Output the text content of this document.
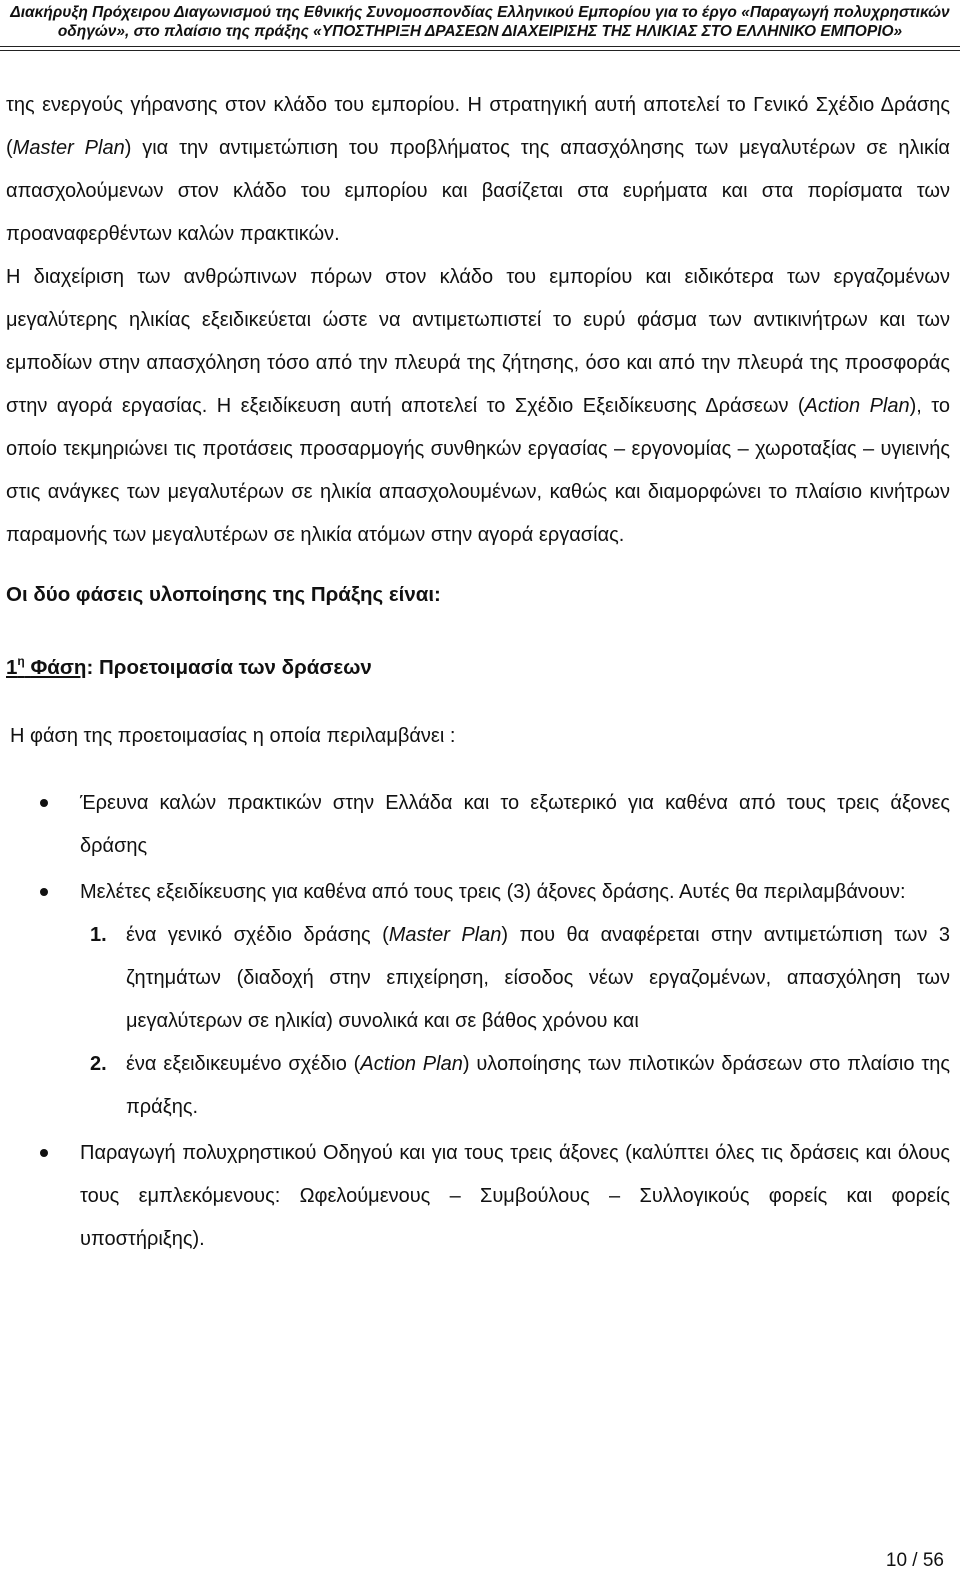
Διακήρυξη Πρόχειρου Διαγωνισμού της Εθνικής Συνομοσπονδίας Ελληνικού Εμπορίου για το έργο «Παραγωγή πολυχρηστικών
οδηγών», στο πλαίσιο της πράξης «ΥΠΟΣΤΗΡΙΞΗ ΔΡΑΣΕΩΝ ΔΙΑΧΕΙΡΙΣΗΣ ΤΗΣ ΗΛΙΚΙΑΣ ΣΤΟ ΕΛΛΗΝΙΚΟ ΕΜΠΟΡΙΟ»

της ενεργούς γήρανσης στον κλάδο του εμπορίου. Η στρατηγική αυτή αποτελεί το Γενικό Σχέδιο Δράσης (Master Plan) για την αντιμετώπιση του προβλήματος της απασχόλησης των μεγαλυτέρων σε ηλικία απασχολούμενων στον κλάδο του εμπορίου και βασίζεται στα ευρήματα και στα πορίσματα των προαναφερθέντων καλών πρακτικών.

Η διαχείριση των ανθρώπινων πόρων στον κλάδο του εμπορίου και ειδικότερα των εργαζομένων μεγαλύτερης ηλικίας εξειδικεύεται ώστε να αντιμετωπιστεί το ευρύ φάσμα των αντικινήτρων και των εμποδίων στην απασχόληση τόσο από την πλευρά της ζήτησης, όσο και από την πλευρά της προσφοράς στην αγορά εργασίας. Η εξειδίκευση αυτή αποτελεί το Σχέδιο Εξειδίκευσης Δράσεων (Action Plan), το οποίο τεκμηριώνει τις προτάσεις προσαρμογής συνθηκών εργασίας – εργονομίας – χωροταξίας – υγιεινής στις ανάγκες των μεγαλυτέρων σε ηλικία απασχολουμένων, καθώς και διαμορφώνει το πλαίσιο κινήτρων παραμονής των μεγαλυτέρων σε ηλικία ατόμων στην αγορά εργασίας.

Οι δύο φάσεις υλοποίησης της Πράξης είναι:

$1^\eta$ Φάση: Προετοιμασία των δράσεων

Η φάση της προετοιμασίας η οποία περιλαμβάνει :

Έρευνα καλών πρακτικών στην Ελλάδα και το εξωτερικό για καθένα από τους τρεις άξονες δράσης
Μελέτες εξειδίκευσης για καθένα από τους τρεις (3) άξονες δράσης. Αυτές θα περιλαμβάνουν:
1. ένα γενικό σχέδιο δράσης (Master Plan) που θα αναφέρεται στην αντιμετώπιση των 3 ζητημάτων (διαδοχή στην επιχείρηση, είσοδος νέων εργαζομένων, απασχόληση των μεγαλύτερων σε ηλικία) συνολικά και σε βάθος χρόνου και
2. ένα εξειδικευμένο σχέδιο (Action Plan) υλοποίησης των πιλοτικών δράσεων στο πλαίσιο της πράξης.
Παραγωγή πολυχρηστικού Οδηγού και για τους τρεις άξονες (καλύπτει όλες τις δράσεις και όλους τους εμπλεκόμενους: Ωφελούμενους – Συμβούλους – Συλλογικούς φορείς και φορείς υποστήριξης).
10 / 56
